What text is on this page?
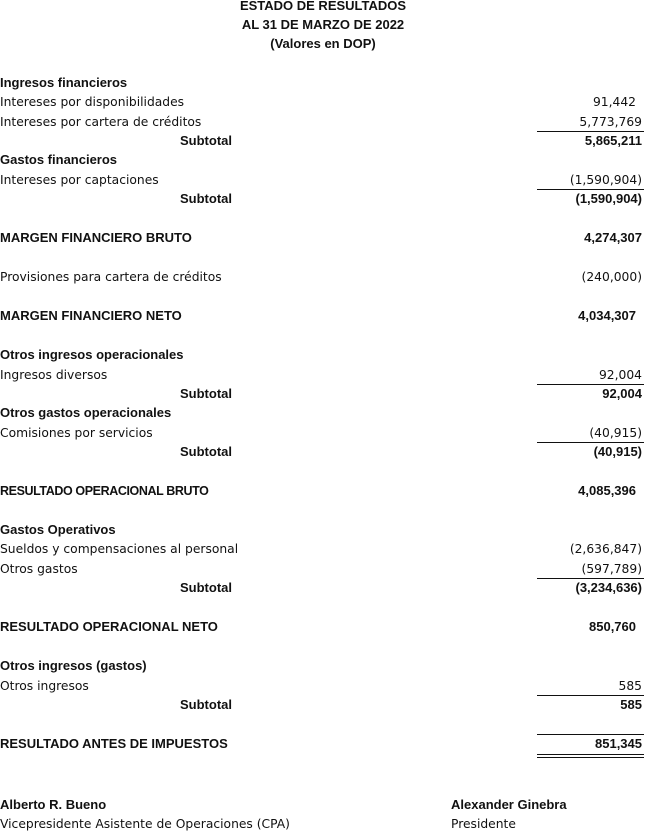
ESTADO DE RESULTADOS
AL 31 DE MARZO DE 2022
(Valores en DOP)
Ingresos financieros
Intereses por disponibilidades	91,442
Intereses por cartera de créditos	5,773,769
Subtotal	5,865,211
Gastos financieros
Intereses por captaciones	(1,590,904)
Subtotal	(1,590,904)
MARGEN FINANCIERO BRUTO	4,274,307
Provisiones para cartera de créditos	(240,000)
MARGEN FINANCIERO NETO	4,034,307
Otros ingresos operacionales
Ingresos diversos	92,004
Subtotal	92,004
Otros gastos operacionales
Comisiones por servicios	(40,915)
Subtotal	(40,915)
RESULTADO OPERACIONAL BRUTO	4,085,396
Gastos Operativos
Sueldos y compensaciones al personal	(2,636,847)
Otros gastos	(597,789)
Subtotal	(3,234,636)
RESULTADO OPERACIONAL NETO	850,760
Otros ingresos (gastos)
Otros ingresos	585
Subtotal	585
RESULTADO ANTES DE IMPUESTOS	851,345
Alberto R. Bueno
Vicepresidente Asistente de Operaciones (CPA)
Alexander Ginebra
Presidente
